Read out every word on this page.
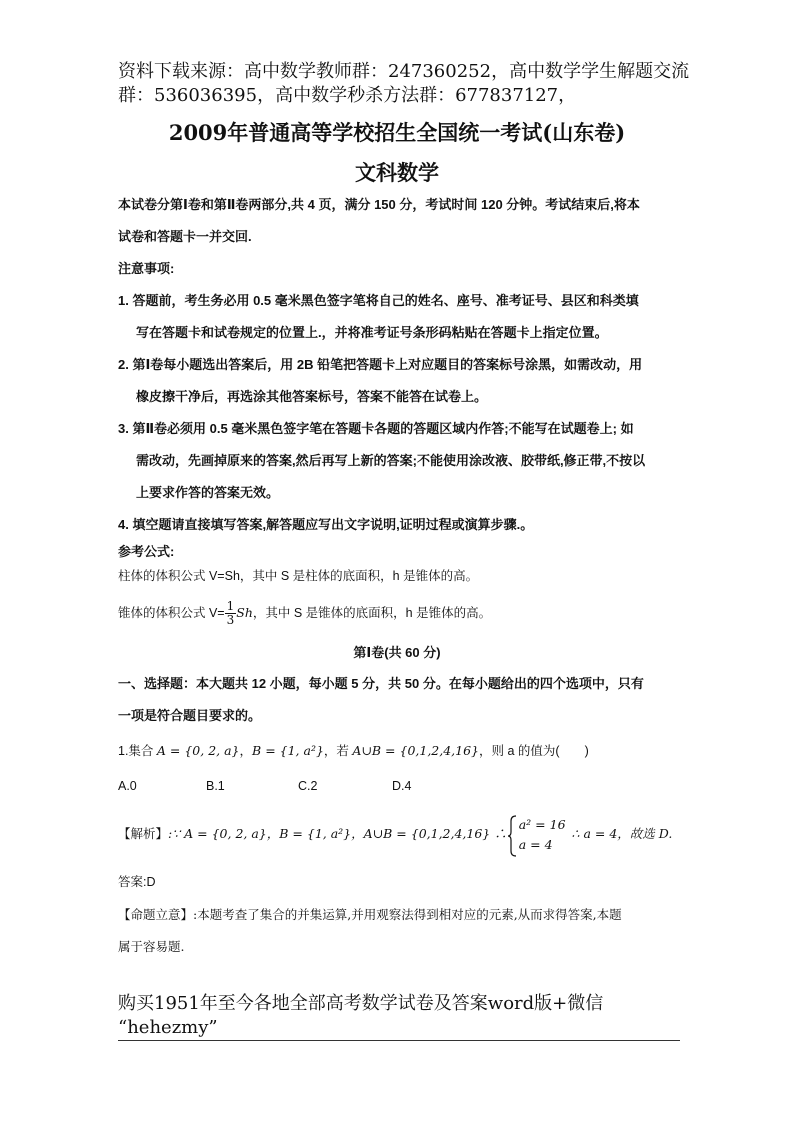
资料下载来源：高中数学教师群：247360252，高中数学学生解题交流
群：536036395，高中数学秒杀方法群：677837127，
2009年普通高等学校招生全国统一考试(山东卷)
文科数学
本试卷分第Ⅰ卷和第Ⅱ卷两部分,共 4 页，满分 150 分，考试时间 120 分钟。考试结束后,将本
试卷和答题卡一并交回.
注意事项:
1. 答题前，考生务必用 0.5 毫米黑色签字笔将自己的姓名、座号、准考证号、县区和科类填
写在答题卡和试卷规定的位置上.，并将准考证号条形码粘贴在答题卡上指定位置。
2. 第Ⅰ卷每小题选出答案后，用 2B 铅笔把答题卡上对应题目的答案标号涂黑，如需改动，用
橡皮擦干净后，再选涂其他答案标号，答案不能答在试卷上。
3. 第Ⅱ卷必须用 0.5 毫米黑色签字笔在答题卡各题的答题区域内作答;不能写在试题卷上; 如
需改动，先画掉原来的答案,然后再写上新的答案;不能使用涂改液、胶带纸,修正带,不按以
上要求作答的答案无效。
4. 填空题请直接填写答案,解答题应写出文字说明,证明过程或演算步骤.。
参考公式:
柱体的体积公式 V=Sh，其中 S 是柱体的底面积，h 是锥体的高。
锥体的体积公式 $V= \frac{1}{3}$ Sh，其中 S 是锥体的底面积，h 是锥体的高。
第Ⅰ卷(共 60 分)
一、选择题：本大题共 12 小题，每小题 5 分，共 50 分。在每小题给出的四个选项中，只有
一项是符合题目要求的。
1.集合 A = {0, 2, a}，B = {1, a²}，若 A∪B = {0,1,2,4,16}，则 a 的值为(　　)
A.0	B.1	C.2	D.4
【解析】:∵ A = {0, 2, a}，B = {1, a²}，A∪B = {0,1,2,4,16} ∴
a² = 16
a = 4
∴ a = 4，故选 D.
答案:D
【命题立意】:本题考查了集合的并集运算,并用观察法得到相对应的元素,从而求得答案,本题
属于容易题.
购买1951年至今各地全部高考数学试卷及答案word版+微信
“hehezmy”
